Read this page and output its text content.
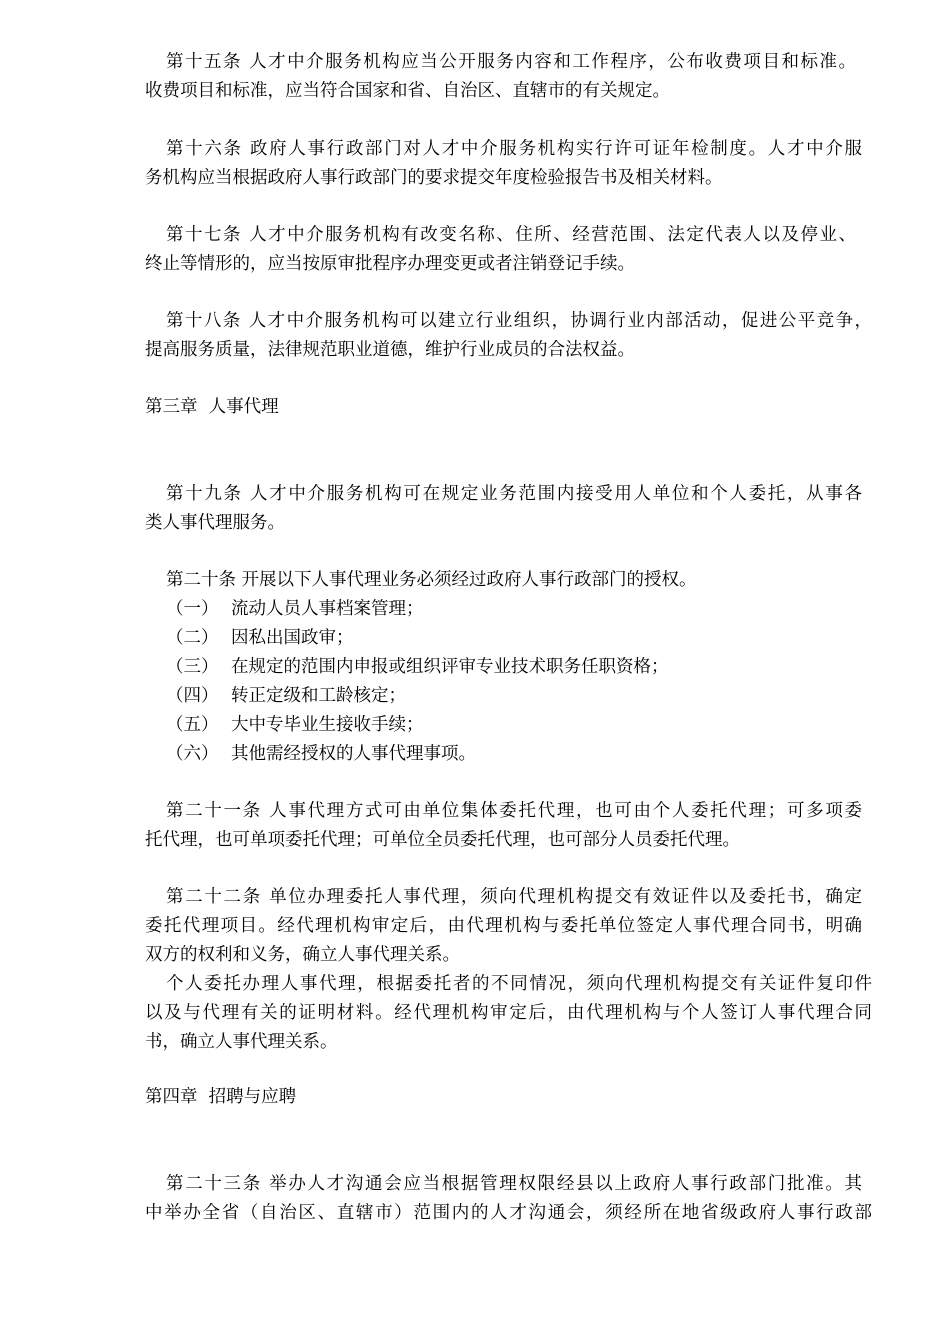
第十五条 人才中介服务机构应当公开服务内容和工作程序，公布收费项目和标准。
收费项目和标准，应当符合国家和省、自治区、直辖市的有关规定。
第十六条 政府人事行政部门对人才中介服务机构实行许可证年检制度。人才中介服
务机构应当根据政府人事行政部门的要求提交年度检验报告书及相关材料。
第十七条 人才中介服务机构有改变名称、住所、经营范围、法定代表人以及停业、
终止等情形的，应当按原审批程序办理变更或者注销登记手续。
第十八条 人才中介服务机构可以建立行业组织，协调行业内部活动，促进公平竞争，
提高服务质量，法律规范职业道德，维护行业成员的合法权益。
第三章  人事代理
第十九条 人才中介服务机构可在规定业务范围内接受用人单位和个人委托，从事各
类人事代理服务。
第二十条 开展以下人事代理业务必须经过政府人事行政部门的授权。
（一） 流动人员人事档案管理；
（二） 因私出国政审；
（三） 在规定的范围内申报或组织评审专业技术职务任职资格；
（四） 转正定级和工龄核定；
（五） 大中专毕业生接收手续；
（六） 其他需经授权的人事代理事项。
第二十一条 人事代理方式可由单位集体委托代理，也可由个人委托代理；可多项委
托代理，也可单项委托代理；可单位全员委托代理，也可部分人员委托代理。
第二十二条 单位办理委托人事代理，须向代理机构提交有效证件以及委托书，确定
委托代理项目。经代理机构审定后，由代理机构与委托单位签定人事代理合同书，明确
双方的权利和义务，确立人事代理关系。
个人委托办理人事代理，根据委托者的不同情况，须向代理机构提交有关证件复印件
以及与代理有关的证明材料。经代理机构审定后，由代理机构与个人签订人事代理合同
书，确立人事代理关系。
第四章  招聘与应聘
第二十三条 举办人才沟通会应当根据管理权限经县以上政府人事行政部门批准。其
中举办全省（自治区、直辖市）范围内的人才沟通会，须经所在地省级政府人事行政部
